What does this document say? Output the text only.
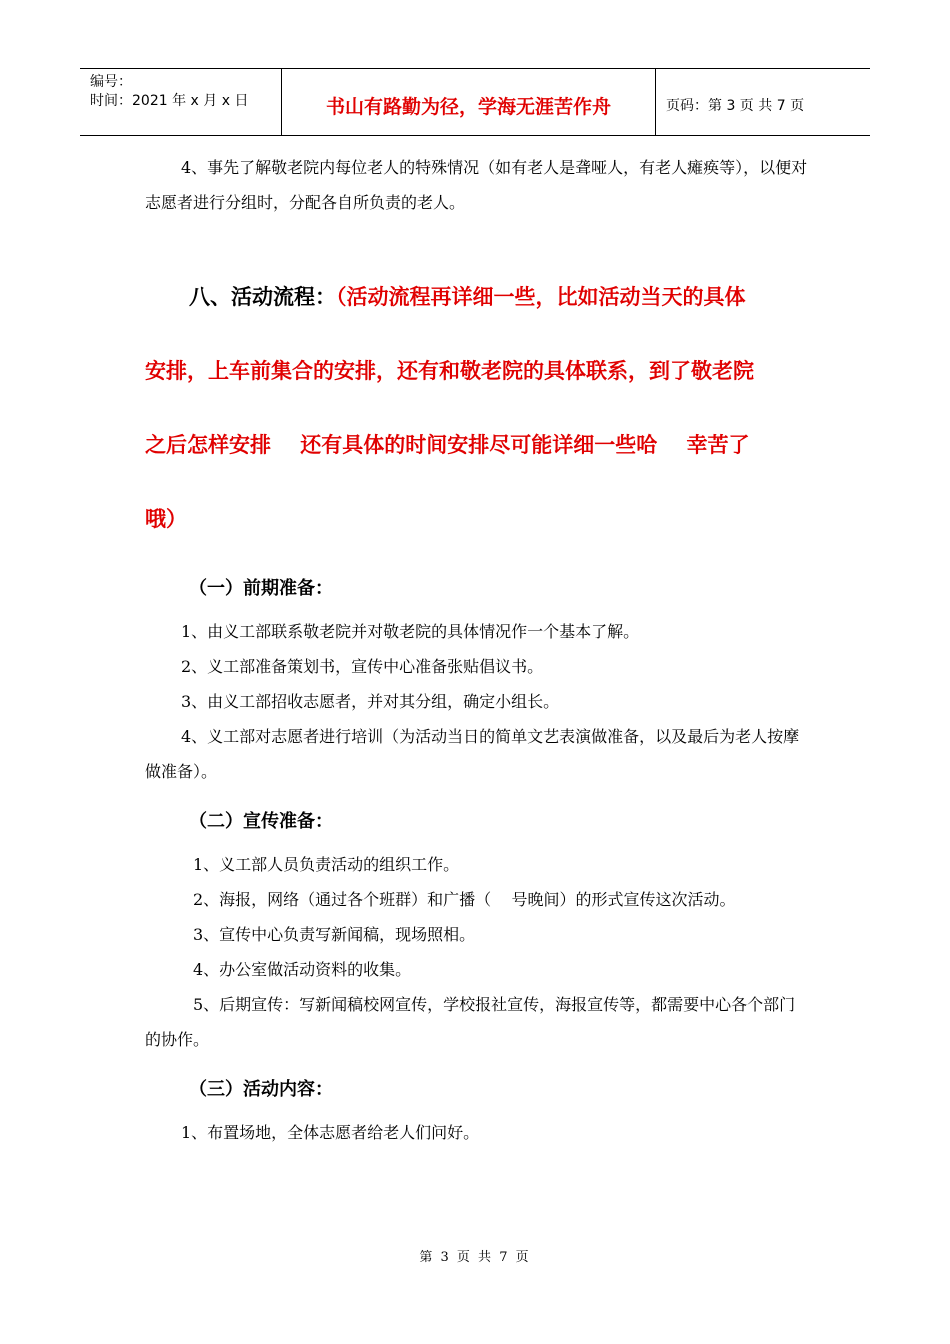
编号：
时间：2021 年 x 月 x 日	书山有路勤为径，学海无涯苦作舟	页码：第 3 页 共 7 页

4、事先了解敬老院内每位老人的特殊情况（如有老人是聋哑人，有老人瘫痪等），以便对志愿者进行分组时，分配各自所负责的老人。

八、活动流程：（活动流程再详细一些，比如活动当天的具体
安排，上车前集合的安排，还有和敬老院的具体联系，到了敬老院
之后怎样安排    还有具体的时间安排尽可能详细一些哈    幸苦了
哦）
（一）前期准备：

1、由义工部联系敬老院并对敬老院的具体情况作一个基本了解。

2、义工部准备策划书，宣传中心准备张贴倡议书。

3、由义工部招收志愿者，并对其分组，确定小组长。

4、义工部对志愿者进行培训（为活动当日的简单文艺表演做准备，以及最后为老人按摩做准备）。

（二）宣传准备：

1、义工部人员负责活动的组织工作。

2、海报，网络（通过各个班群）和广播（    号晚间）的形式宣传这次活动。

3、宣传中心负责写新闻稿，现场照相。

4、办公室做活动资料的收集。

5、后期宣传：写新闻稿校网宣传，学校报社宣传，海报宣传等，都需要中心各个部门的协作。

（三）活动内容：

1、布置场地，全体志愿者给老人们问好。

第 3 页 共 7 页
